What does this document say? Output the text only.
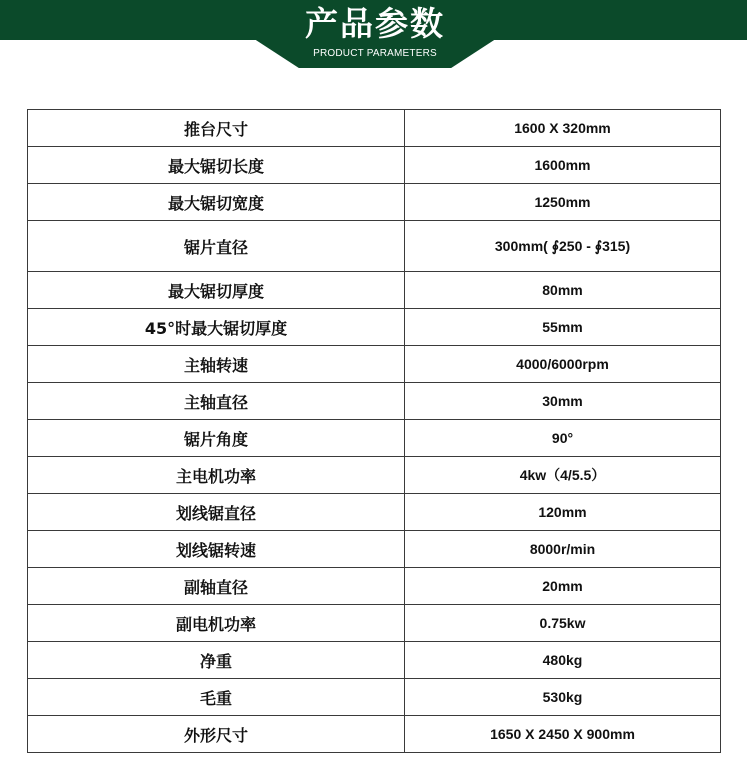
产品参数
PRODUCT PARAMETERS
推台尺寸	1600 X 320mm
最大锯切长度	1600mm
最大锯切宽度	1250mm
锯片直径	300mm( ∮250 - ∮315)
最大锯切厚度	80mm
45°时最大锯切厚度	55mm
主轴转速	4000/6000rpm
主轴直径	30mm
锯片角度	90°
主电机功率	4kw（4/5.5）
划线锯直径	120mm
划线锯转速	8000r/min
副轴直径	20mm
副电机功率	0.75kw
净重	480kg
毛重	530kg
外形尺寸	1650 X 2450 X 900mm
